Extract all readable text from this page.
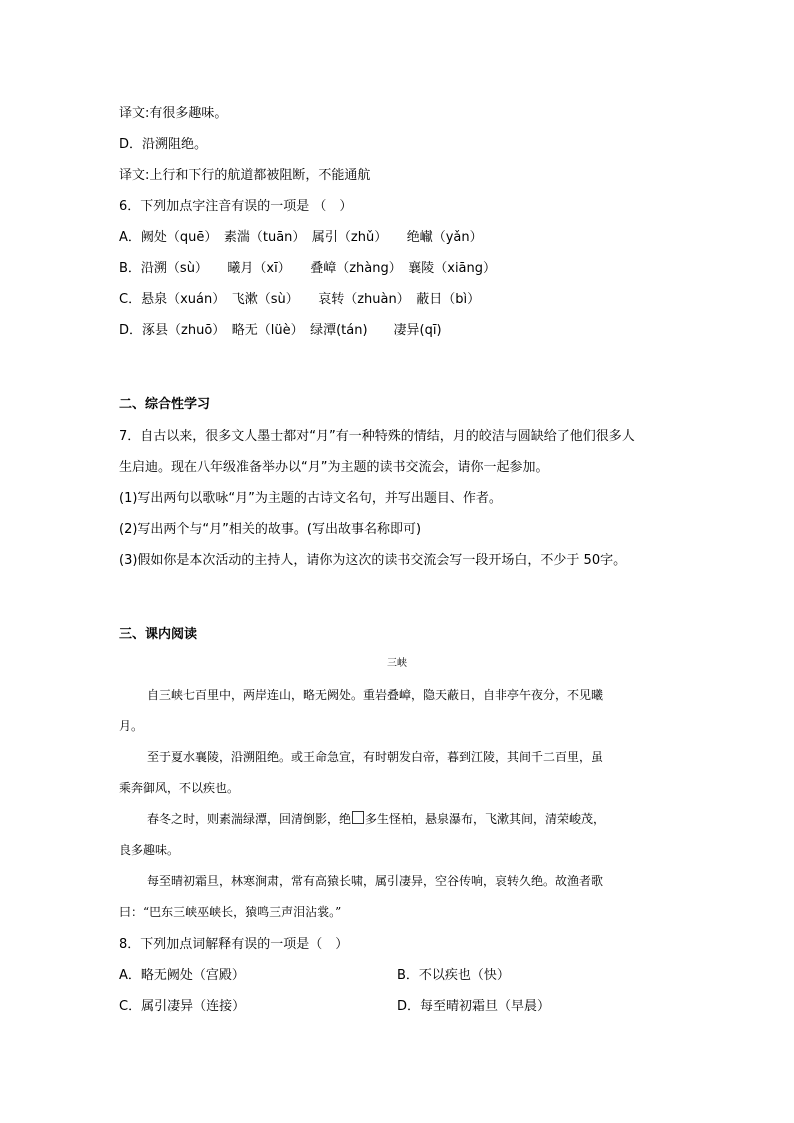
译文:有很多趣味。
D．沿溯阻绝。
译文:上行和下行的航道都被阻断，不能通航
6．下列加点字注音有误的一项是 （　）
A．阙处（quē）　素湍（tuān）　属引（zhǔ）　　绝𪩘（yǎn）
B．沿溯（sù）　　曦月（xī）　　叠嶂（zhàng）　襄陵（xiāng）
C．悬泉（xuán）　飞漱（sù）　　哀转（zhuàn）　蔽日（bì）
D．涿县（zhuō）　略无（lüè）　绿潭(tán)　　凄异(qī)
二、综合性学习
7．自古以来，很多文人墨士都对“月”有一种特殊的情结，月的皎洁与圆缺给了他们很多人
生启迪。现在八年级准备举办以“月”为主题的读书交流会，请你一起参加。
(1)写出两句以歌咏“月”为主题的古诗文名句，并写出题目、作者。
(2)写出两个与“月”相关的故事。(写出故事名称即可)
(3)假如你是本次活动的主持人，请你为这次的读书交流会写一段开场白，不少于 50字。
三、课内阅读
三峡
自三峡七百里中，两岸连山，略无阙处。重岩叠嶂，隐天蔽日，自非亭午夜分，不见曦
月。
至于夏水襄陵，沿溯阻绝。或王命急宣，有时朝发白帝，暮到江陵，其间千二百里，虽
乘奔御风，不以疾也。
春冬之时，则素湍绿潭，回清倒影，绝 多生怪柏，悬泉瀑布，飞漱其间，清荣峻茂，
良多趣味。
每至晴初霜旦，林寒涧肃，常有高猿长啸，属引凄异，空谷传响，哀转久绝。故渔者歌
曰：“巴东三峡巫峡长，猿鸣三声泪沾裳。”
8．下列加点词解释有误的一项是（　）
A．略无阙处（宫殿）	B．不以疾也（快）
C．属引凄异（连接）	D．每至晴初霜旦（早晨）
